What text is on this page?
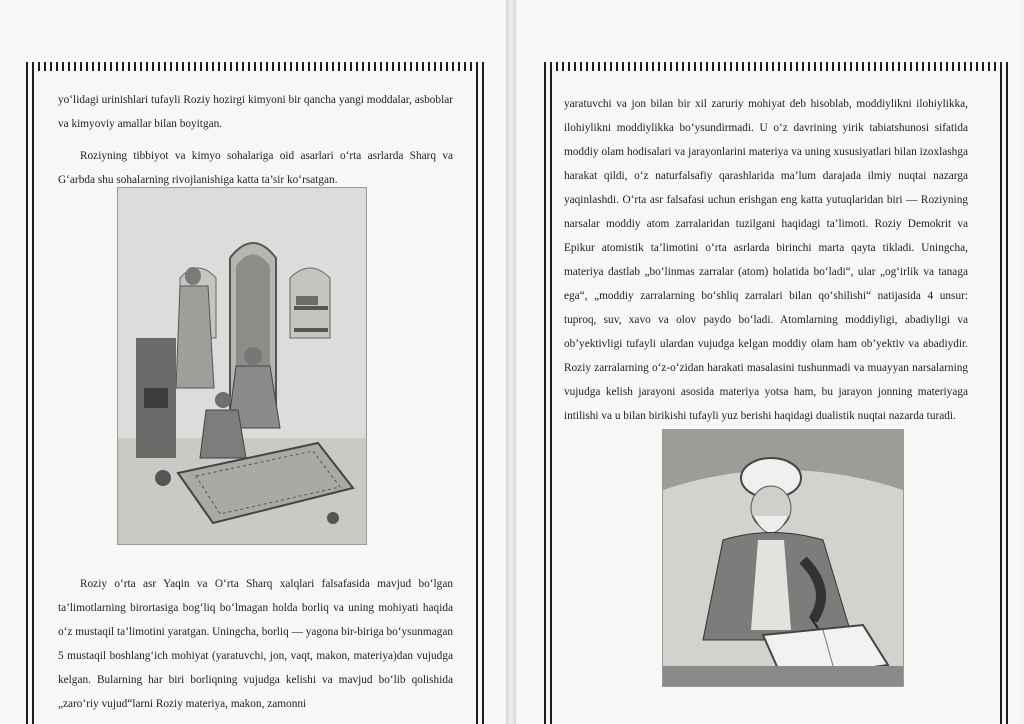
yo‘lidagi urinishlari tufayli Roziy hozirgi kimyoni bir qancha yangi moddalar, asboblar va kimyoviy amallar bilan boyitgan.

Roziyning tibbiyot va kimyo sohalariga oid asarlari o‘rta asrlarda Sharq va G‘arbda shu sohalarning rivojlanishiga katta ta’sir ko‘rsatgan.

Roziy o‘rta asr Yaqin va O‘rta Sharq xalqlari falsafasida mavjud bo‘lgan ta’limotlarning birortasiga bog‘liq bo‘lmagan holda borliq va uning mohiyati haqida o‘z mustaqil ta’limotini yaratgan. Uningcha, borliq — yagona bir-biriga bo‘ysunmagan 5 mustaqil boshlang‘ich mohiyat (yaratuvchi, jon, vaqt, makon, materiya)dan vujudga kelgan. Bularning har biri borliqning vujudga kelishi va mavjud bo‘lib qolishida „zaro‘riy vujud“larni Roziy materiya, makon, zamonni

yaratuvchi va jon bilan bir xil zaruriy mohiyat deb hisoblab, moddiylikni ilohiylikka, ilohiylikni moddiylikka bo‘ysundirmadi. U o‘z davrining yirik tabiatshunosi sifatida moddiy olam hodisalari va jarayonlarini materiya va uning xususiyatlari bilan izoxlashga harakat qildi, o‘z naturfalsafiy qarashlarida ma’lum darajada ilmiy nuqtai nazarga yaqinlashdi. O‘rta asr falsafasi uchun erishgan eng katta yutuqlaridan biri — Roziyning narsalar moddiy atom zarralaridan tuzilgani haqidagi ta’limoti. Roziy Demokrit va Epikur atomistik ta’limotini o‘rta asrlarda birinchi marta qayta tikladi. Uningcha, materiya dastlab „bo‘linmas zarralar (atom) holatida bo‘ladi“, ular „og‘irlik va tanaga ega“, „moddiy zarralarning bo‘shliq zarralari bilan qo‘shilishi“ natijasida 4 unsur: tuproq, suv, xavo va olov paydo bo‘ladi. Atomlarning moddiyligi, abadiyligi va ob’yektivligi tufayli ulardan vujudga kelgan moddiy olam ham ob’yektiv va abadiydir. Roziy zarralarning o‘z-o‘zidan harakati masalasini tushunmadi va muayyan narsalarning vujudga kelish jarayoni asosida materiya yotsa ham, bu jarayon jonning materiyaga intilishi va u bilan birikishi tufayli yuz berishi haqidagi dualistik nuqtai nazarda turadi.
